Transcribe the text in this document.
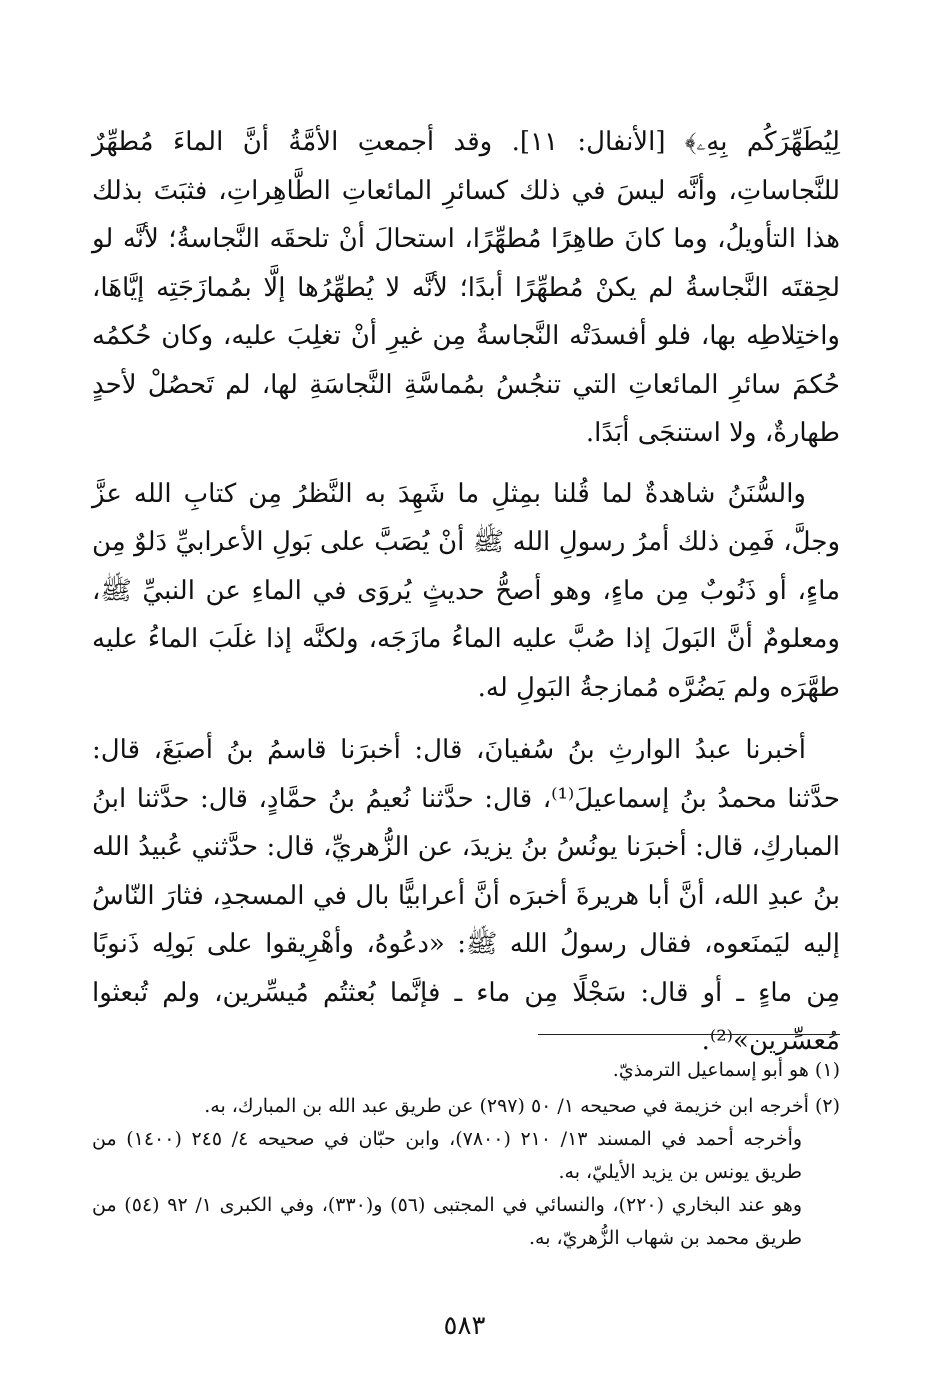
لِيُطَهِّرَكُم بِهِۦ﴾ [الأنفال: ١١]. وقد أجمعتِ الأمَّةُ أنَّ الماءَ مُطهِّرٌ للنَّجاساتِ، وأنَّه ليسَ في ذلك كسائرِ المائعاتِ الطَّاهِراتِ، فثبَتَ بذلك هذا التأويلُ، وما كانَ طاهِرًا مُطهِّرًا، استحالَ أنْ تلحقَه النَّجاسةُ؛ لأنَّه لو لحِقتَه النَّجاسةُ لم يكنْ مُطهِّرًا أبدًا؛ لأنَّه لا يُطهِّرُها إلَّا بمُمازَجَتِه إيَّاهَا، واختِلاطِه بها، فلو أفسدَتْه النَّجاسةُ مِن غيرِ أنْ تغلِبَ عليه، وكان حُكمُه حُكمَ سائرِ المائعاتِ التي تنجُسُ بمُماسَّةِ النَّجاسَةِ لها، لم تَحصُلْ لأحدٍ طهارةٌ، ولا استنجَى أبَدًا.

والسُّنَنُ شاهدةٌ لما قُلنا بمِثلِ ما شَهِدَ به النَّظرُ مِن كتابِ الله عزَّ وجلَّ، فَمِن ذلك أمرُ رسولِ الله ﷺ أنْ يُصَبَّ على بَولِ الأعرابيِّ دَلوٌ مِن ماءٍ، أو ذَنُوبٌ مِن ماءٍ، وهو أصحُّ حديثٍ يُروَى في الماءِ عن النبيِّ ﷺ، ومعلومٌ أنَّ البَولَ إذا صُبَّ عليه الماءُ مازَجَه، ولكنَّه إذا غلَبَ الماءُ عليه طهَّرَه ولم يَضُرَّه مُمازجةُ البَولِ له.

أخبرنا عبدُ الوارثِ بنُ سُفيانَ، قال: أخبرَنا قاسمُ بنُ أصبَغَ، قال: حدَّثنا محمدُ بنُ إسماعيلَ⁽¹⁾، قال: حدَّثنا نُعيمُ بنُ حمَّادٍ، قال: حدَّثنا ابنُ المباركِ، قال: أخبرَنا يونُسُ بنُ يزيدَ، عن الزُّهريِّ، قال: حدَّثني عُبيدُ الله بنُ عبدِ الله، أنَّ أبا هريرةَ أخبرَه أنَّ أعرابيًّا بال في المسجدِ، فثارَ النّاسُ إليه ليَمنَعوه، فقال رسولُ الله ﷺ: «دعُوهُ، وأهْرِيقوا على بَولِه ذَنوبًا مِن ماءٍ ـ أو قال: سَجْلًا مِن ماء ـ فإنَّما بُعثتُم مُيسِّرين، ولم تُبعثوا مُعسِّرين»⁽²⁾.

(١) هو أبو إسماعيل الترمذيّ.

(٢) أخرجه ابن خزيمة في صحيحه ١/ ٥٠ (٢٩٧) عن طريق عبد الله بن المبارك، به.

وأخرجه أحمد في المسند ١٣/ ٢١٠ (٧٨٠٠)، وابن حبّان في صحيحه ٤/ ٢٤٥ (١٤٠٠) من طريق يونس بن يزيد الأيليّ، به.

وهو عند البخاري (٢٢٠)، والنسائي في المجتبى (٥٦) و(٣٣٠)، وفي الكبرى ١/ ٩٢ (٥٤) من طريق محمد بن شهاب الزُّهريّ، به.

٥٨٣
